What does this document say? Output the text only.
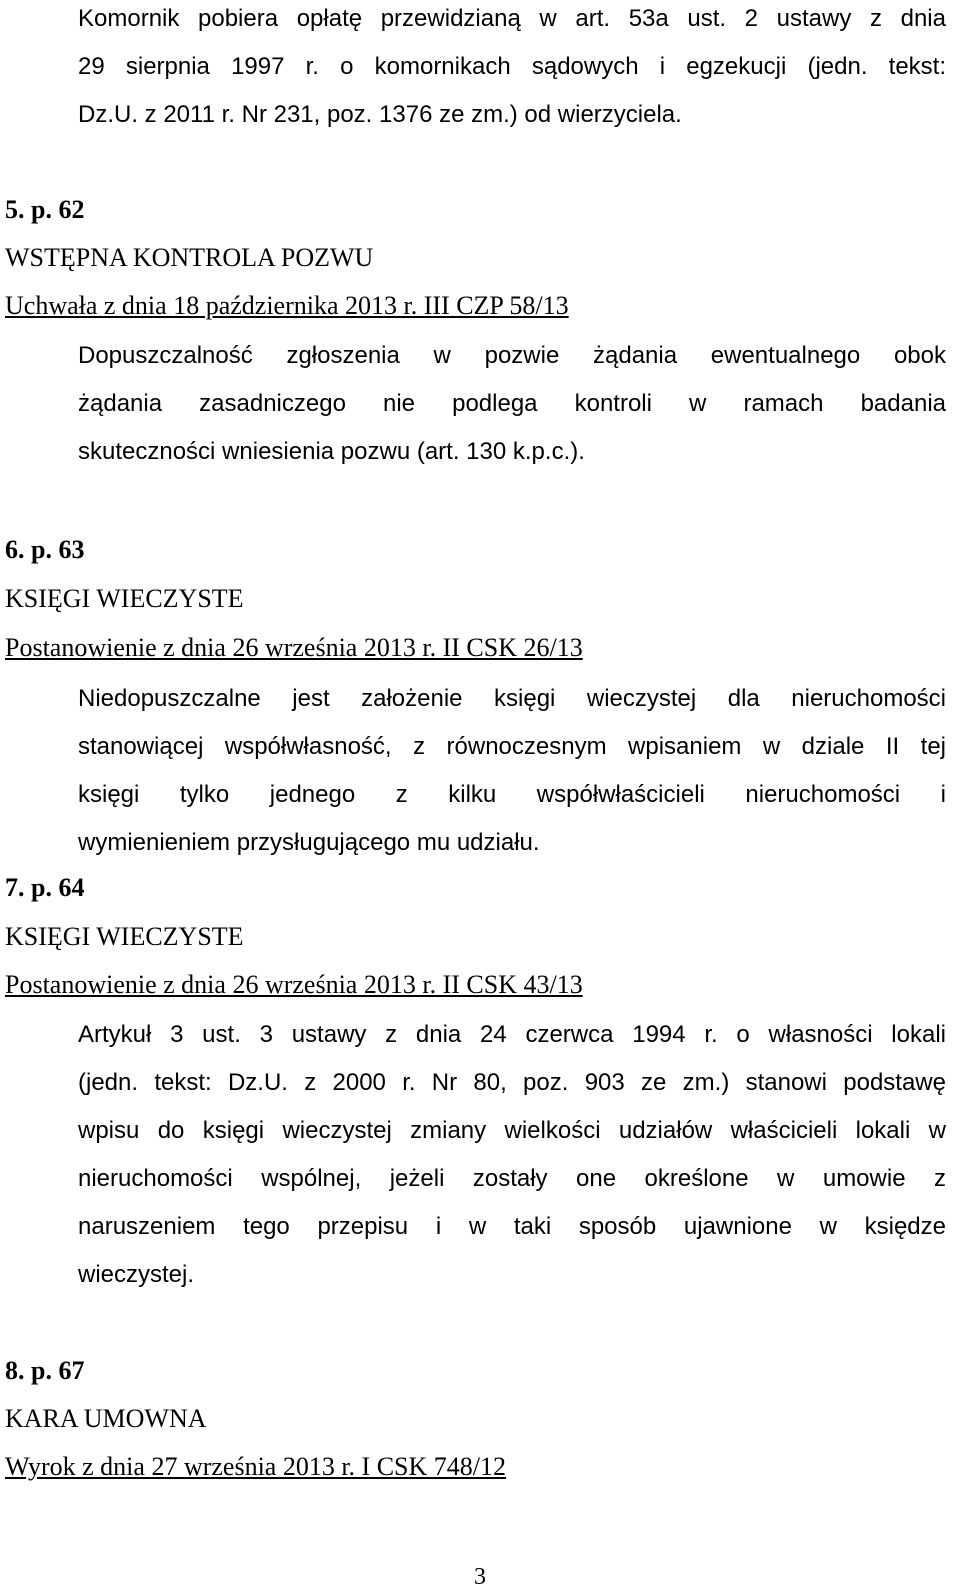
Komornik pobiera opłatę przewidzianą w art. 53a ust. 2 ustawy z dnia
29 sierpnia 1997 r. o komornikach sądowych i egzekucji (jedn. tekst:
Dz.U. z 2011 r. Nr 231, poz. 1376 ze zm.) od wierzyciela.
5. p. 62
WSTĘPNA KONTROLA POZWU
Uchwała z dnia 18 października 2013 r. III CZP 58/13
Dopuszczalność zgłoszenia w pozwie żądania ewentualnego obok
żądania zasadniczego nie podlega kontroli w ramach badania
skuteczności wniesienia pozwu (art. 130 k.p.c.).
6. p. 63
KSIĘGI WIECZYSTE
Postanowienie z dnia 26 września 2013 r. II CSK 26/13
Niedopuszczalne jest założenie księgi wieczystej dla nieruchomości
stanowiącej współwłasność, z równoczesnym wpisaniem w dziale II tej
księgi tylko jednego z kilku współwłaścicieli nieruchomości i
wymienieniem przysługującego mu udziału.
7. p. 64
KSIĘGI WIECZYSTE
Postanowienie z dnia 26 września 2013 r. II CSK 43/13
Artykuł 3 ust. 3 ustawy z dnia 24 czerwca 1994 r. o własności lokali
(jedn. tekst: Dz.U. z 2000 r. Nr 80, poz. 903 ze zm.) stanowi podstawę
wpisu do księgi wieczystej zmiany wielkości udziałów właścicieli lokali w
nieruchomości wspólnej, jeżeli zostały one określone w umowie z
naruszeniem tego przepisu i w taki sposób ujawnione w księdze
wieczystej.
8. p. 67
KARA UMOWNA
Wyrok z dnia 27 września 2013 r. I CSK 748/12
3
